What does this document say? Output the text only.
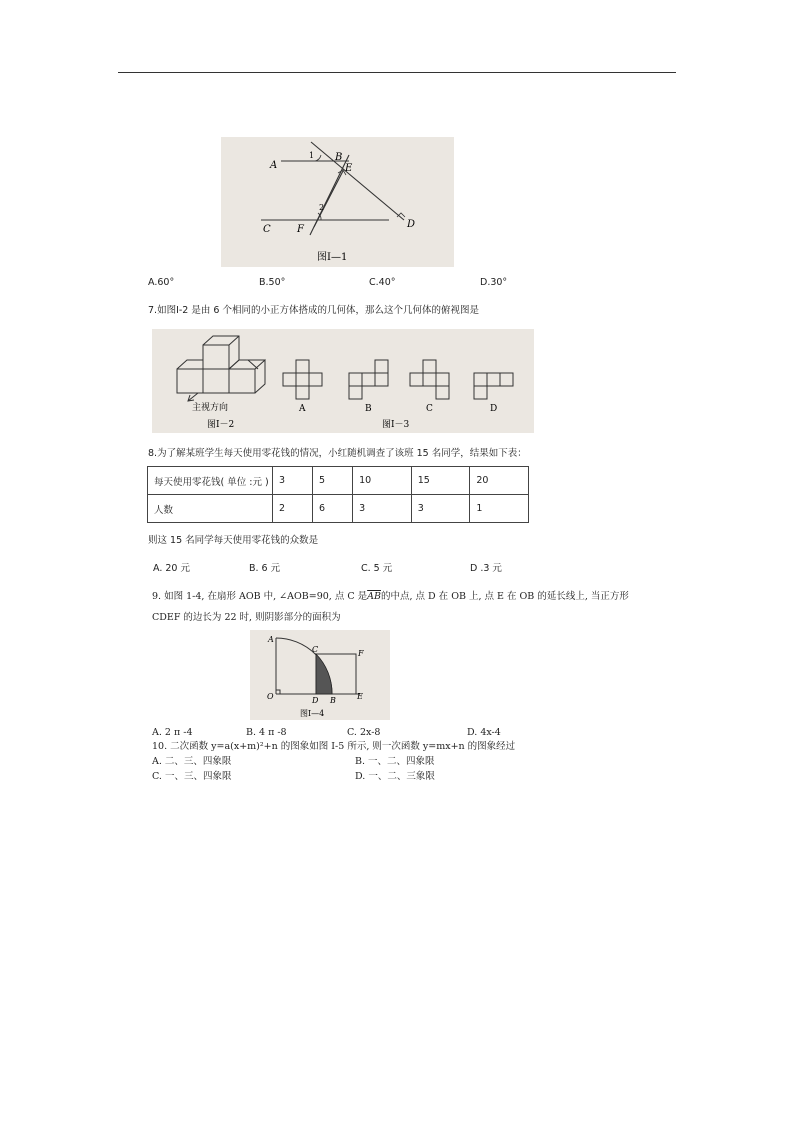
A
1 B
E
2
C	F	D
图Ⅰ—1
A.60°	B.50°	C.40°	D.30°
7.如图Ⅰ-2 是由 6 个相同的小正方体搭成的几何体，那么这个几何体的俯视图是
主视方向
图Ⅰ－2	图Ⅰ－3
A	B	C	D
8.为了解某班学生每天使用零花钱的情况，小红随机调查了该班 15 名同学，结果如下表：
每天使用零花钱( 单位 :元 )	3	5	10	15	20
人数	2	6	3	3	1
则这 15 名同学每天使用零花钱的众数是
A. 20 元	B. 6 元	C. 5 元	D .3 元
9. 如图 1-4, 在扇形 AOB 中, ∠AOB=90, 点 C 是$\overline{AB}$的中点, 点 D 在 OB 上, 点 E 在 OB 的延长线上, 当正方形
CDEF 的边长为 22 时, 则阴影部分的面积为
A
C	F
O	D B	E
图Ⅰ—4
A. 2 π -4	B. 4 π -8	C. 2x-8	D. 4x-4
10. 二次函数 y=a(x+m)²+n 的图象如图 Ⅰ-5 所示, 则一次函数 y=mx+n 的图象经过
A. 二、三、四象限	B. 一、二、四象限
C. 一、三、四象限	D. 一、二、三象限
